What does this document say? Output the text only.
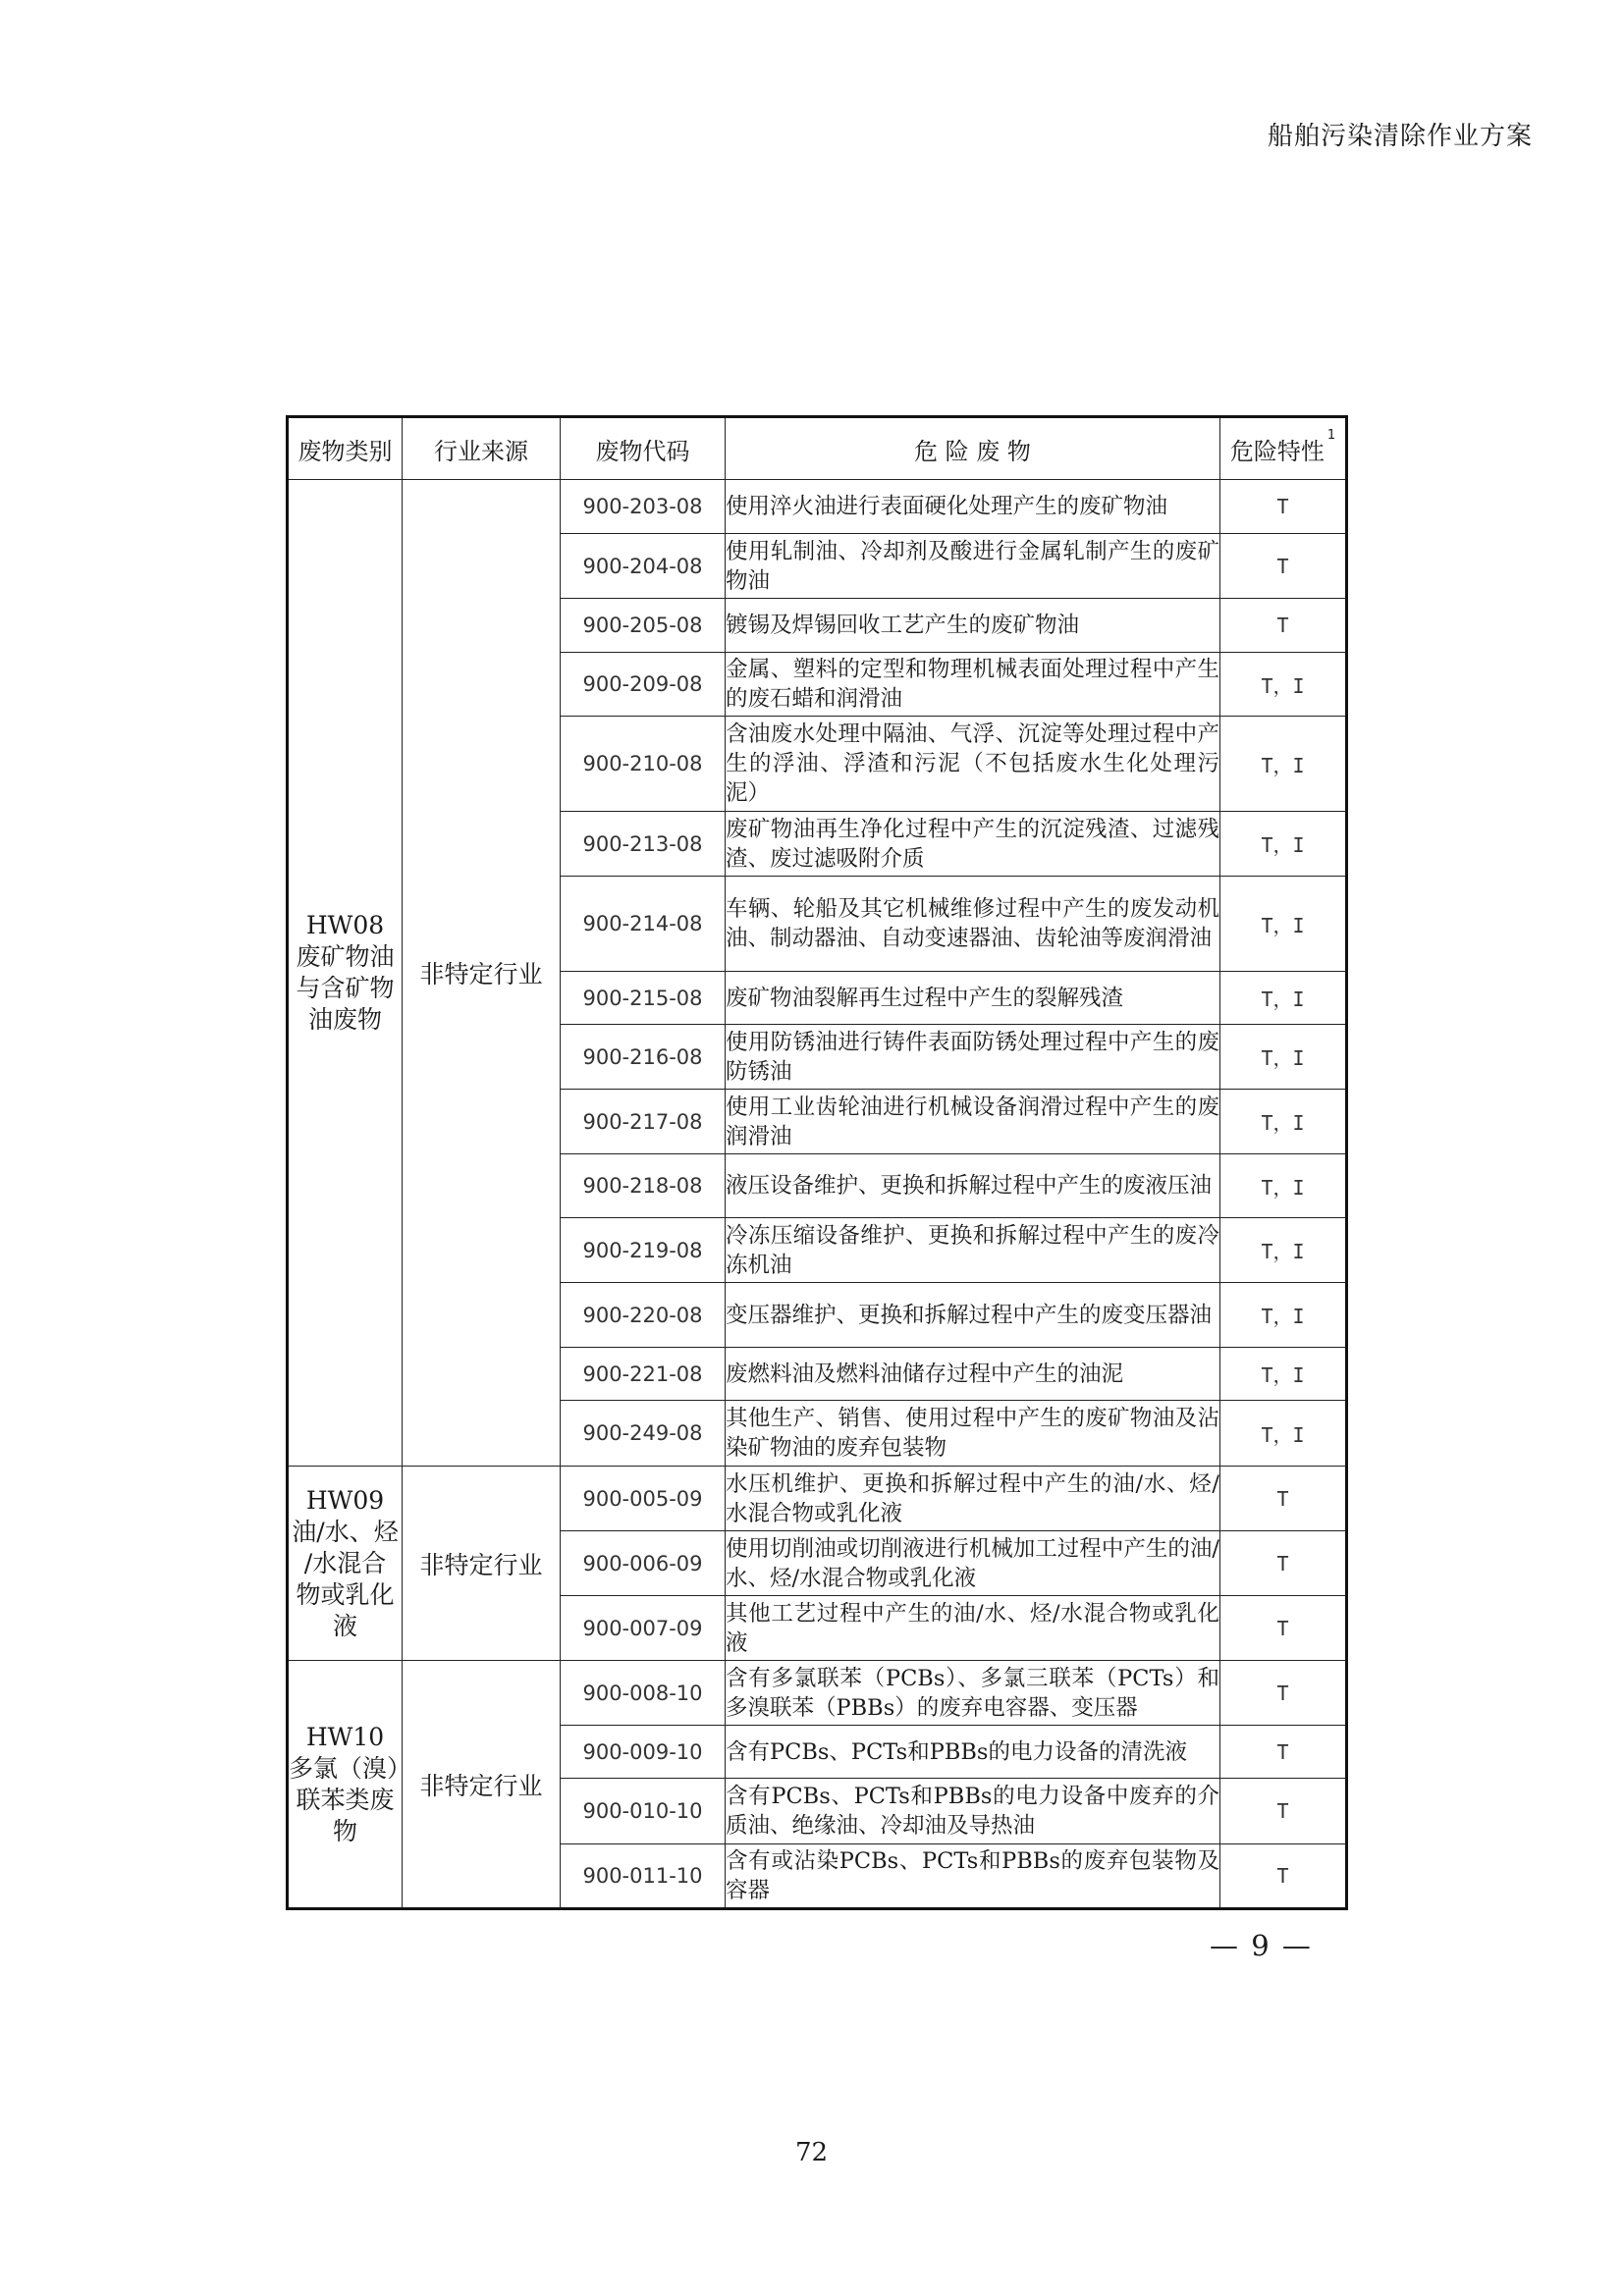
船舶污染清除作业方案
废物类别	行业来源	废物代码	危 险 废 物	危险特性$^1$

HW08
废矿物油
与含矿物
油废物	非特定行业	900-203-08	使用淬火油进行表面硬化处理产生的废矿物油	T
		900-204-08	使用轧制油、冷却剂及酸进行金属轧制产生的废矿物油	T
		900-205-08	镀锡及焊锡回收工艺产生的废矿物油	T
		900-209-08	金属、塑料的定型和物理机械表面处理过程中产生的废石蜡和润滑油	T，I
		900-210-08	含油废水处理中隔油、气浮、沉淀等处理过程中产生的浮油、浮渣和污泥（不包括废水生化处理污泥）	T，I
		900-213-08	废矿物油再生净化过程中产生的沉淀残渣、过滤残渣、废过滤吸附介质	T，I
		900-214-08	车辆、轮船及其它机械维修过程中产生的废发动机油、制动器油、自动变速器油、齿轮油等废润滑油	T，I
		900-215-08	废矿物油裂解再生过程中产生的裂解残渣	T，I
		900-216-08	使用防锈油进行铸件表面防锈处理过程中产生的废防锈油	T，I
		900-217-08	使用工业齿轮油进行机械设备润滑过程中产生的废润滑油	T，I
		900-218-08	液压设备维护、更换和拆解过程中产生的废液压油	T，I
		900-219-08	冷冻压缩设备维护、更换和拆解过程中产生的废冷冻机油	T，I
		900-220-08	变压器维护、更换和拆解过程中产生的废变压器油	T，I
		900-221-08	废燃料油及燃料油储存过程中产生的油泥	T，I
		900-249-08	其他生产、销售、使用过程中产生的废矿物油及沾染矿物油的废弃包装物	T，I

HW09
油/水、烃
/水混合
物或乳化
液	非特定行业	900-005-09	水压机维护、更换和拆解过程中产生的油/水、烃/水混合物或乳化液	T
		900-006-09	使用切削油或切削液进行机械加工过程中产生的油/水、烃/水混合物或乳化液	T
		900-007-09	其他工艺过程中产生的油/水、烃/水混合物或乳化液	T

HW10
多氯（溴）
联苯类废
物	非特定行业	900-008-10	含有多氯联苯（PCBs）、多氯三联苯（PCTs）和多溴联苯（PBBs）的废弃电容器、变压器	T
		900-009-10	含有PCBs、PCTs和PBBs的电力设备的清洗液	T
		900-010-10	含有PCBs、PCTs和PBBs的电力设备中废弃的介质油、绝缘油、冷却油及导热油	T
		900-011-10	含有或沾染PCBs、PCTs和PBBs的废弃包装物及容器	T
— 9 —
72
